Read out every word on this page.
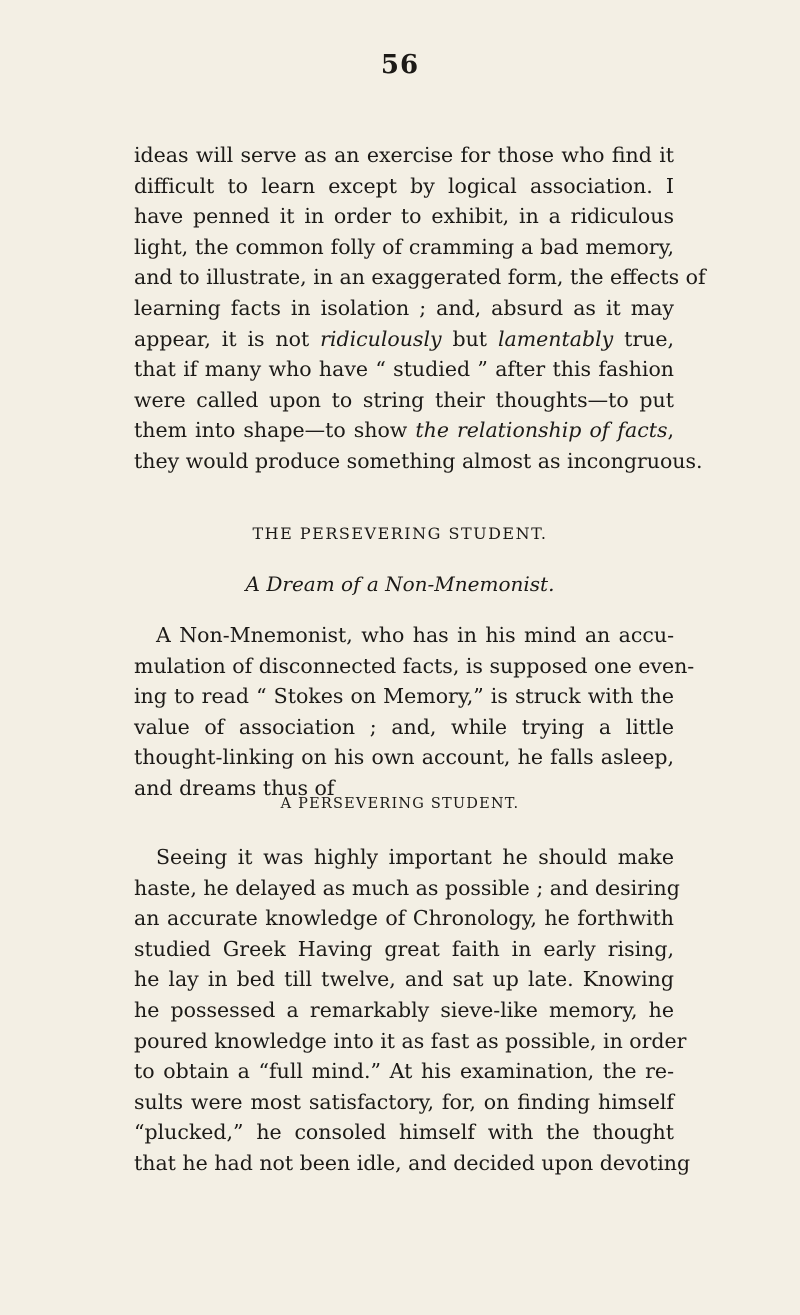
56
ideas will serve as an exercise for those who find it
difficult to learn except by logical association. I
have penned it in order to exhibit, in a ridiculous
light, the common folly of cramming a bad memory,
and to illustrate, in an exaggerated form, the effects of
learning facts in isolation ; and, absurd as it may
appear, it is not ridiculously but lamentably true,
that if many who have “ studied ” after this fashion
were called upon to string their thoughts—to put
them into shape—to show the relationship of facts,
they would produce something almost as incongruous.
THE PERSEVERING STUDENT.
A Dream of a Non-Mnemonist.
A Non-Mnemonist, who has in his mind an accu-
mulation of disconnected facts, is supposed one even-
ing to read “ Stokes on Memory,” is struck with the
value of association ; and, while trying a little
thought-linking on his own account, he falls asleep,
and dreams thus of
A PERSEVERING STUDENT.
Seeing it was highly important he should make
haste, he delayed as much as possible ; and desiring
an accurate knowledge of Chronology, he forthwith
studied Greek Having great faith in early rising,
he lay in bed till twelve, and sat up late. Knowing
he possessed a remarkably sieve-like memory, he
poured knowledge into it as fast as possible, in order
to obtain a “full mind.” At his examination, the re-
sults were most satisfactory, for, on finding himself
“plucked,” he consoled himself with the thought
that he had not been idle, and decided upon devoting
